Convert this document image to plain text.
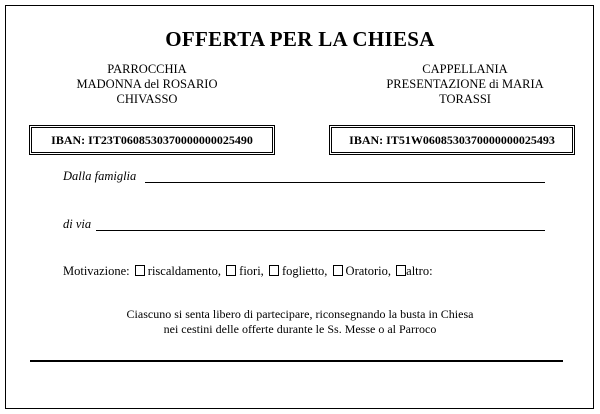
OFFERTA PER LA CHIESA
PARROCCHIA
MADONNA del ROSARIO
CHIVASSO
CAPPELLANIA
PRESENTAZIONE di MARIA
TORASSI
IBAN: IT23T0608530370000000025490	IBAN: IT51W0608530370000000025493
Dalla famiglia
di via
Motivazione: riscaldamento, fiori, foglietto, Oratorio, altro:
Ciascuno si senta libero di partecipare, riconsegnando la busta in Chiesa
nei cestini delle offerte durante le Ss. Messe o al Parroco
